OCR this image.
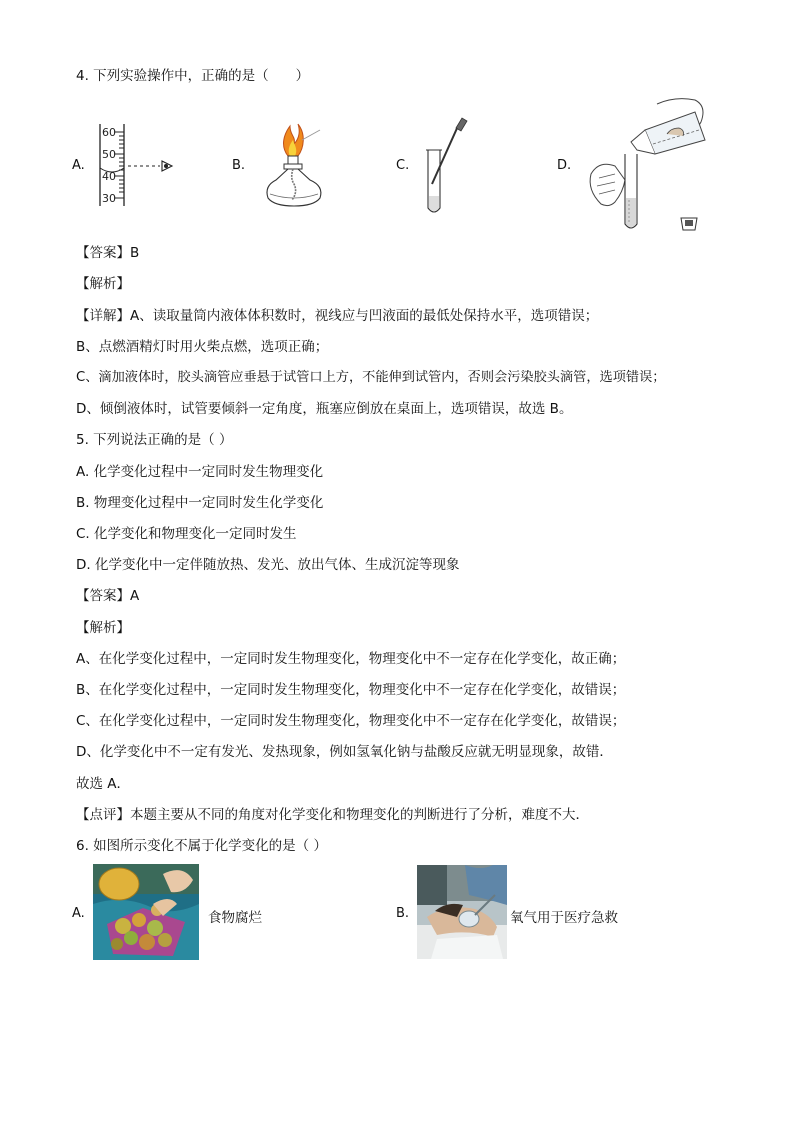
4. 下列实验操作中，正确的是（　　）
A.
60
50
40
30
B.	C.	D.
【答案】B
【解析】
【详解】A、读取量筒内液体体积数时，视线应与凹液面的最低处保持水平，选项错误；
B、点燃酒精灯时用火柴点燃，选项正确；
C、滴加液体时，胶头滴管应垂悬于试管口上方，不能伸到试管内，否则会污染胶头滴管，选项错误；
D、倾倒液体时，试管要倾斜一定角度，瓶塞应倒放在桌面上，选项错误，故选 B。
5. 下列说法正确的是（ ）
A. 化学变化过程中一定同时发生物理变化
B. 物理变化过程中一定同时发生化学变化
C. 化学变化和物理变化一定同时发生
D. 化学变化中一定伴随放热、发光、放出气体、生成沉淀等现象
【答案】A
【解析】
A、在化学变化过程中，一定同时发生物理变化，物理变化中不一定存在化学变化，故正确；
B、在化学变化过程中，一定同时发生物理变化，物理变化中不一定存在化学变化，故错误；
C、在化学变化过程中，一定同时发生物理变化，物理变化中不一定存在化学变化，故错误；
D、化学变化中不一定有发光、发热现象，例如氢氧化钠与盐酸反应就无明显现象，故错．
故选 A．
【点评】本题主要从不同的角度对化学变化和物理变化的判断进行了分析，难度不大．
6. 如图所示变化不属于化学变化的是（ ）
A.	食物腐烂	B.	氧气用于医疗急救
